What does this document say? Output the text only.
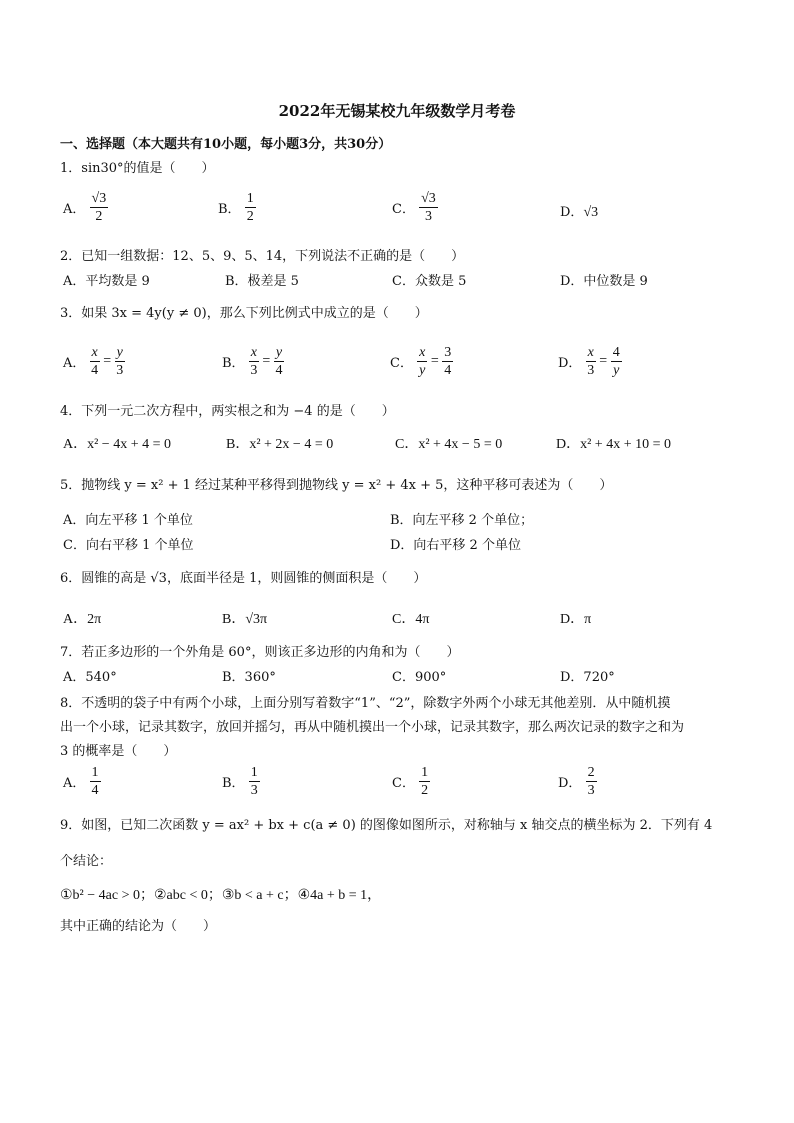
2022年无锡某校九年级数学月考卷
一、选择题（本大题共有10小题，每小题3分，共30分）
1．sin30°的值是（　　）
A． $\frac{√3}{2}$	B． $\frac{1}{2}$	C． $\frac{√3}{3}$	D．√3
2．已知一组数据：12、5、9、5、14，下列说法不正确的是（　　）
A．平均数是 9	B．极差是 5	C．众数是 5	D．中位数是 9
3．如果 3x = 4y(y ≠ 0)，那么下列比例式中成立的是（　　）
A． $\frac{x}{4} = \frac{y}{3}$	B． $\frac{x}{3} = \frac{y}{4}$	C． $\frac{x}{y} = \frac{3}{4}$	D． $\frac{x}{3} = \frac{4}{y}$
4．下列一元二次方程中，两实根之和为 −4 的是（　　）
A．x² − 4x + 4 = 0	B．x² + 2x − 4 = 0	C．x² + 4x − 5 = 0	D．x² + 4x + 10 = 0
5．抛物线 y = x² + 1 经过某种平移得到抛物线 y = x² + 4x + 5，这种平移可表述为（　　）
A．向左平移 1 个单位	B．向左平移 2 个单位；
C．向右平移 1 个单位	D．向右平移 2 个单位
6．圆锥的高是 √3，底面半径是 1，则圆锥的侧面积是（　　）
A．2π	B．√3π	C．4π	D．π
7．若正多边形的一个外角是 60°，则该正多边形的内角和为（　　）
A．540°	B．360°	C．900°	D．720°
8．不透明的袋子中有两个小球，上面分别写着数字“1”、“2”，除数字外两个小球无其他差别．从中随机摸
出一个小球，记录其数字，放回并摇匀，再从中随机摸出一个小球，记录其数字，那么两次记录的数字之和为
3 的概率是（　　）
A． $\frac{1}{4}$	B． $\frac{1}{3}$	C． $\frac{1}{2}$	D． $\frac{2}{3}$
9．如图，已知二次函数 y = ax² + bx + c(a ≠ 0) 的图像如图所示，对称轴与 x 轴交点的横坐标为 2．下列有 4
个结论：
①b² − 4ac > 0；②abc < 0；③b < a + c；④4a + b = 1，
其中正确的结论为（　　）
